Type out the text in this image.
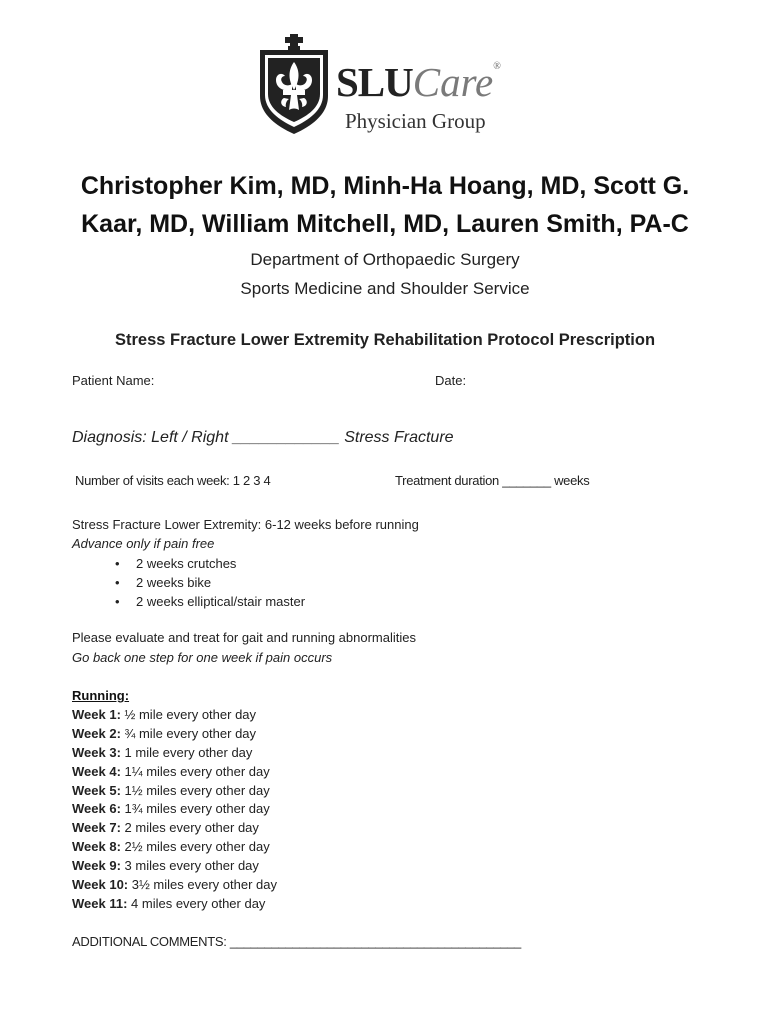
SLUCare®
Physician Group
Christopher Kim, MD, Minh-Ha Hoang, MD, Scott G.
Kaar, MD, William Mitchell, MD, Lauren Smith, PA-C
Department of Orthopaedic Surgery
Sports Medicine and Shoulder Service
Stress Fracture Lower Extremity Rehabilitation Protocol Prescription
Patient Name:	Date:
Diagnosis: Left / Right ____________ Stress Fracture
Number of visits each week: 1 2 3 4	Treatment duration _______ weeks
Stress Fracture Lower Extremity: 6-12 weeks before running
Advance only if pain free
• 2 weeks crutches
• 2 weeks bike
• 2 weeks elliptical/stair master
Please evaluate and treat for gait and running abnormalities
Go back one step for one week if pain occurs
Running:
Week 1: ½ mile every other day
Week 2: ¾ mile every other day
Week 3: 1 mile every other day
Week 4: 1¼ miles every other day
Week 5: 1½ miles every other day
Week 6: 1¾ miles every other day
Week 7: 2 miles every other day
Week 8: 2½ miles every other day
Week 9: 3 miles every other day
Week 10: 3½ miles every other day
Week 11: 4 miles every other day
ADDITIONAL COMMENTS: __________________________________________
